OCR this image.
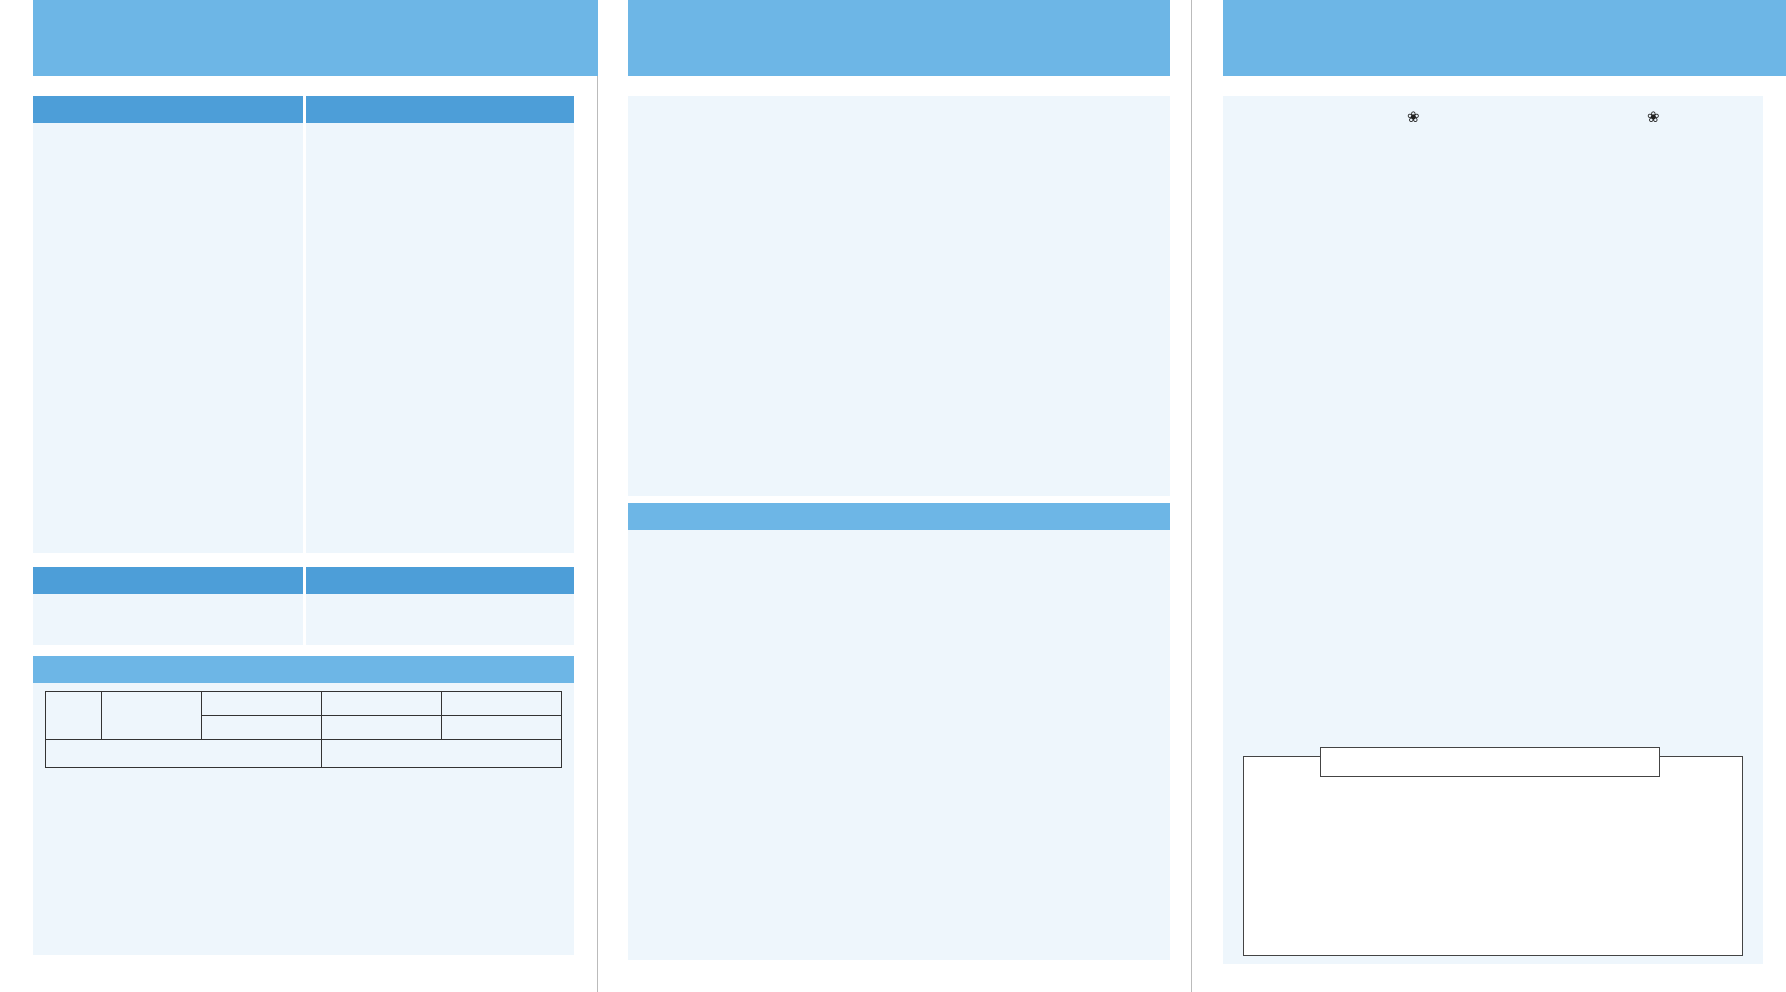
❀	❀
